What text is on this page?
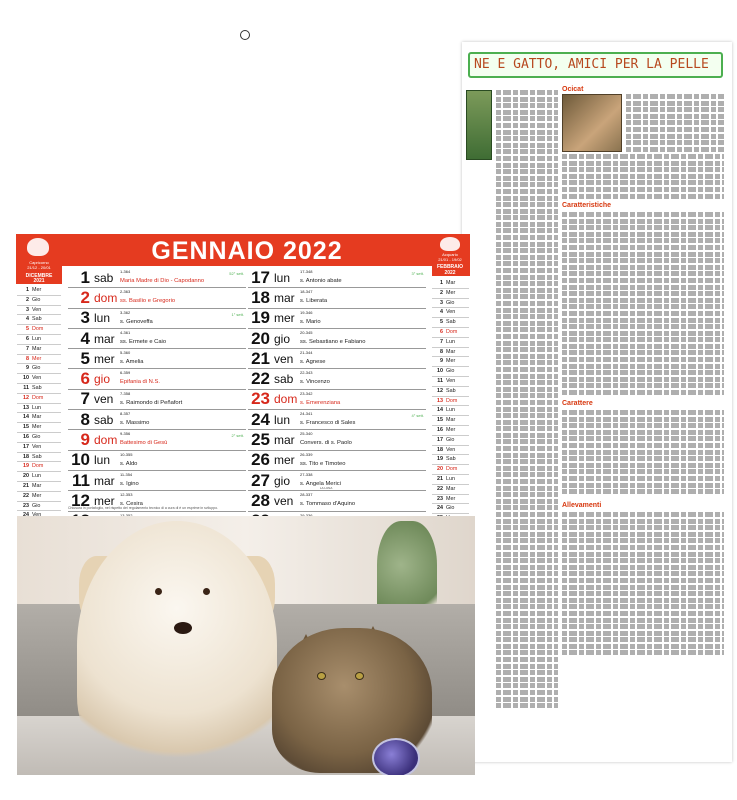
NE E GATTO, AMICI PER LA PELLE
Ocicat
Caratteristiche
Carattere
Allevamenti
Acquario
21/01 - 19/02
FEBBRAIO
2022
1 Mar
2 Mer
3 Gio
4 Ven
5 Sab
6 Dom
7 Lun
8 Mar
9 Mer
10 Gio
11 Ven
12 Sab
13 Dom
14 Lun
15 Mar
16 Mer
17 Gio
18 Ven
19 Sab
20 Dom
21 Lun
22 Mar
23 Mer
24 Gio
Capricorno
21/12 - 20/01
DICEMBRE
2021
1 Mer
2 Gio
3 Ven
4 Sab
5 Dom
6 Lun
7 Mar
8 Mer
9 Gio
10 Ven
11 Sab
12 Dom
13 Lun
14 Mar
15 Mer
16 Gio
17 Ven
18 Sab
19 Dom
20 Lun
21 Mar
22 Mer
23 Gio
GENNAIO 2022
1 sab	1-364
Maria Madre di Dio - Capodanno
52° sett.
2 dom 2-363
ss. Basilio e Gregorio
3 lun	3-362
s. Genoveffa
1° sett.
4 mar	4-361
ss. Ermete e Caio
5 mer	5-360
s. Amelia
6 gio	6-359
Epifania di N.S.
7 ven	7-358
s. Raimondo di Peñafort
8 sab	8-357
s. Massimo
9 dom 9-356
Battesimo di Gesù
2° sett.
10 lun	10-355
s. Aldo
11 mar	11-354
s. Igino
12 mer	12-353
s. Cesira
17 lun	17-348
s. Antonio abate
3° sett.
18 mar	18-347
s. Liberata
19 mer	19-346
s. Mario
20 gio	20-345
ss. Sebastiano e Fabiano
21 ven	21-344
s. Agnese
22 sab	22-343
s. Vincenzo
23 dom 23-342
s. Emerenziana
24 lun	24-341
s. Francesco di Sales
4° sett.
25 mar	25-340
Convers. di s. Paolo
26 mer	26-339
ss. Tito e Timoteo
27 gio	27-338
s. Angela Merici
28 ven	28-337
s. Tommaso d'Aquino
Chiusura in portafoglio, nel rispetto dei regolamento tecnico di a cura di è un esprime in sviluppo.
LA LUNA
